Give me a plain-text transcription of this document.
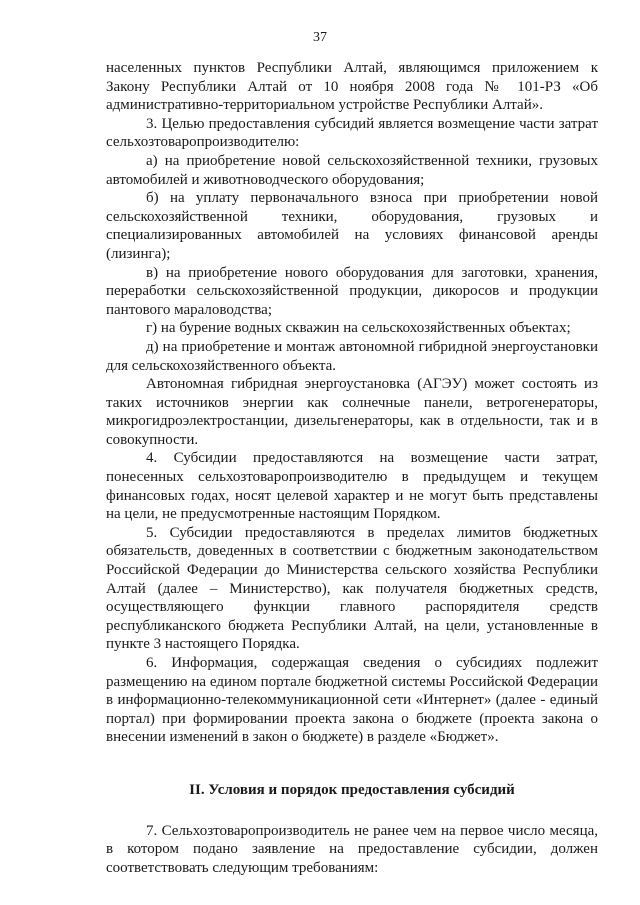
37

населенных пунктов Республики Алтай, являющимся приложением к Закону Республики Алтай от 10 ноября 2008 года № 101-РЗ «Об административно-территориальном устройстве Республики Алтай».

3. Целью предоставления субсидий является возмещение части затрат сельхозтоваропроизводителю:

а) на приобретение новой сельскохозяйственной техники, грузовых автомобилей и животноводческого оборудования;

б) на уплату первоначального взноса при приобретении новой сельскохозяйственной техники, оборудования, грузовых и специализированных автомобилей на условиях финансовой аренды (лизинга);

в) на приобретение нового оборудования для заготовки, хранения, переработки сельскохозяйственной продукции, дикоросов и продукции пантового мараловодства;

г) на бурение водных скважин на сельскохозяйственных объектах;

д) на приобретение и монтаж автономной гибридной энергоустановки для сельскохозяйственного объекта.

Автономная гибридная энергоустановка (АГЭУ) может состоять из таких источников энергии как солнечные панели, ветрогенераторы, микрогидроэлектростанции, дизельгенераторы, как в отдельности, так и в совокупности.

4. Субсидии предоставляются на возмещение части затрат, понесенных сельхозтоваропроизводителю в предыдущем и текущем финансовых годах, носят целевой характер и не могут быть представлены на цели, не предусмотренные настоящим Порядком.

5. Субсидии предоставляются в пределах лимитов бюджетных обязательств, доведенных в соответствии с бюджетным законодательством Российской Федерации до Министерства сельского хозяйства Республики Алтай (далее – Министерство), как получателя бюджетных средств, осуществляющего функции главного распорядителя средств республиканского бюджета Республики Алтай, на цели, установленные в пункте 3 настоящего Порядка.

6. Информация, содержащая сведения о субсидиях подлежит размещению на едином портале бюджетной системы Российской Федерации в информационно-телекоммуникационной сети «Интернет» (далее - единый портал) при формировании проекта закона о бюджете (проекта закона о внесении изменений в закон о бюджете) в разделе «Бюджет».

II. Условия и порядок предоставления субсидий

7. Сельхозтоваропроизводитель не ранее чем на первое число месяца, в котором подано заявление на предоставление субсидии, должен соответствовать следующим требованиям:
